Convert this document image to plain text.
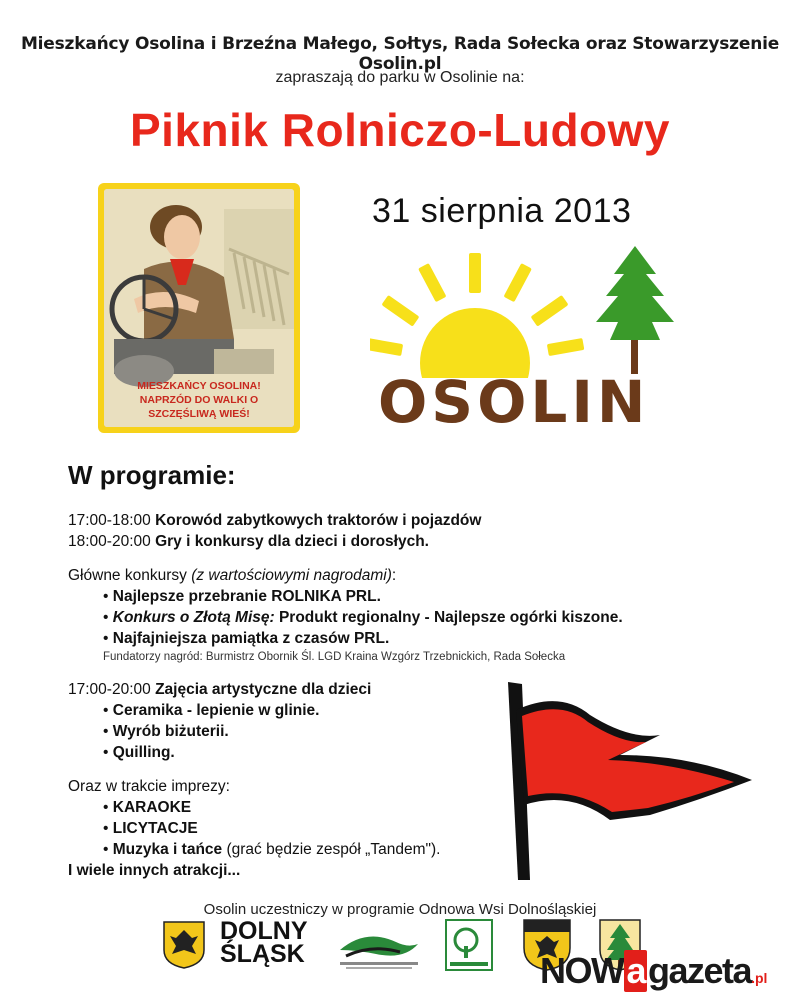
Mieszkańcy Osolina i Brzeźna Małego, Sołtys, Rada Sołecka oraz Stowarzyszenie Osolin.pl
zapraszają do parku w Osolinie na:
Piknik Rolniczo-Ludowy
MIESZKAŃCY OSOLINA!
NAPRZÓD DO WALKI O SZCZĘŚLIWĄ WIEŚ!
31 sierpnia 2013
OSOLIN
W programie:
17:00-18:00 Korowód zabytkowych traktorów i pojazdów
18:00-20:00 Gry i konkursy dla dzieci i dorosłych.
Główne konkursy (z wartościowymi nagrodami):
• Najlepsze przebranie ROLNIKA PRL.
• Konkurs o Złotą Misę: Produkt regionalny - Najlepsze ogórki kiszone.
• Najfajniejsza pamiątka z czasów PRL.
Fundatorzy nagród: Burmistrz Obornik Śl. LGD Kraina Wzgórz Trzebnickich, Rada Sołecka
17:00-20:00 Zajęcia artystyczne dla dzieci
• Ceramika - lepienie w glinie.
• Wyrób biżuterii.
• Quilling.
Oraz w trakcie imprezy:
• KARAOKE
• LICYTACJE
• Muzyka i tańce (grać będzie zespół „Tandem").
I wiele innych atrakcji...
Osolin uczestniczy w programie Odnowa Wsi Dolnośląskiej
DOLNY
ŚLĄSK	NOWagazeta.pl
